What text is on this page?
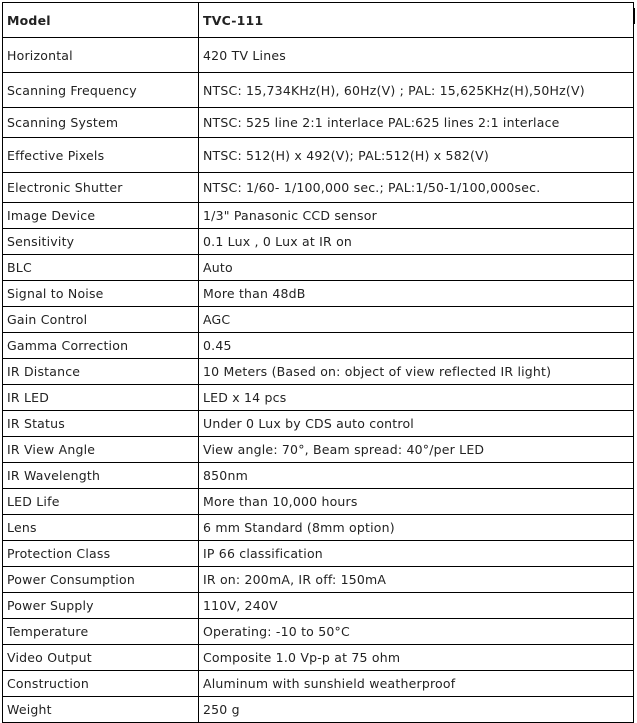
Model	TVC-111
Horizontal	420 TV Lines
Scanning Frequency	NTSC: 15,734KHz(H), 60Hz(V) ; PAL: 15,625KHz(H),50Hz(V)
Scanning System	NTSC: 525 line 2:1 interlace PAL:625 lines 2:1 interlace
Effective Pixels	NTSC: 512(H) x 492(V); PAL:512(H) x 582(V)
Electronic Shutter	NTSC: 1/60- 1/100,000 sec.; PAL:1/50-1/100,000sec.
Image Device	1/3" Panasonic CCD sensor
Sensitivity	0.1 Lux , 0 Lux at IR on
BLC	Auto
Signal to Noise	More than 48dB
Gain Control	AGC
Gamma Correction	0.45
IR Distance	10 Meters (Based on: object of view reflected IR light)
IR LED	LED x 14 pcs
IR Status	Under 0 Lux by CDS auto control
IR View Angle	View angle: 70°, Beam spread: 40°/per LED
IR Wavelength	850nm
LED Life	More than 10,000 hours
Lens	6 mm Standard (8mm option)
Protection Class	IP 66 classification
Power Consumption	IR on: 200mA, IR off: 150mA
Power Supply	110V, 240V
Temperature	Operating: -10 to 50°C
Video Output	Composite 1.0 Vp-p at 75 ohm
Construction	Aluminum with sunshield weatherproof
Weight	250 g
